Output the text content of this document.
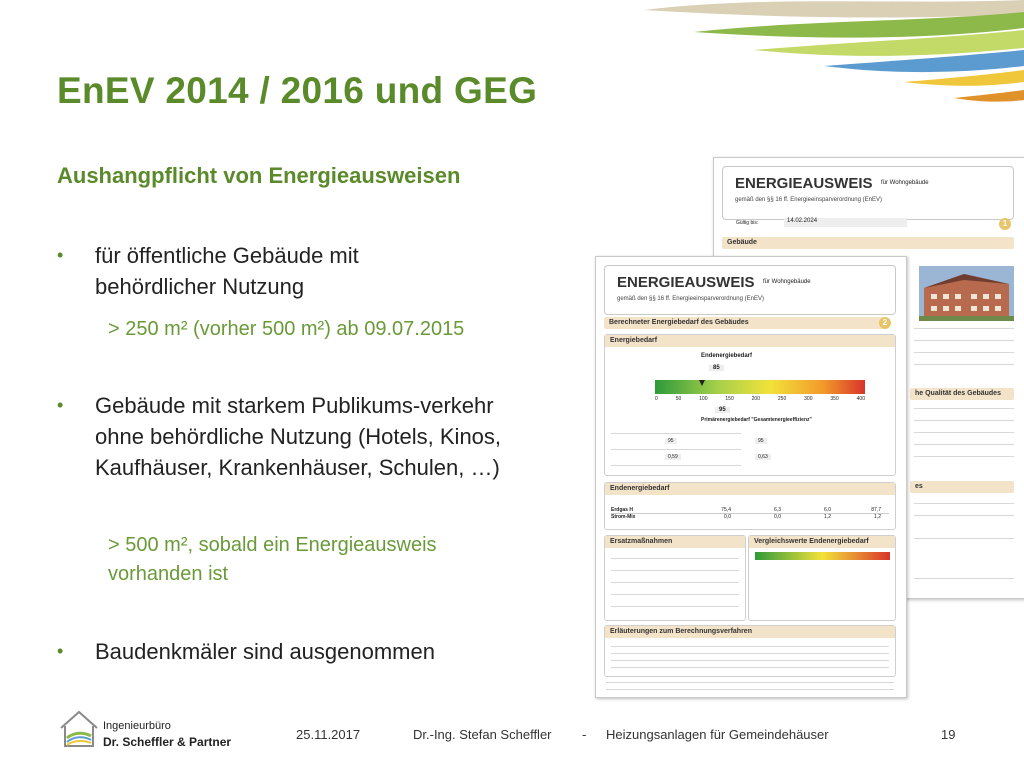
EnEV 2014 / 2016 und GEG
Aushangpflicht von Energieausweisen
• für öffentliche Gebäude mit behördlicher Nutzung
> 250 m² (vorher 500 m²) ab 09.07.2015
• Gebäude mit starkem Publikums-verkehr ohne behördliche Nutzung (Hotels, Kinos, Kaufhäuser, Krankenhäuser, Schulen, …)
> 500 m², sobald ein Energieausweis vorhanden ist
• Baudenkmäler sind ausgenommen
ENERGIEAUSWEIS für Wohngebäude
gemäß den §§ 16 ff. Energieeinsparverordnung (EnEV)
Gültig bis:	14.02.2024	1
Gebäude
he Qualität des Gebäudes
es
ENERGIEAUSWEIS für Wohngebäude
gemäß den §§ 16 ff. Energieeinsparverordnung (EnEV)
Berechneter Energiebedarf des Gebäudes	2
Energiebedarf
Endenergiebedarf
85
0	50	100	150	200	250	300	350	400
95
Primärenergiebedarf "Gesamtenergieeffizienz"
95	95
0,59	0,63
Endenergiebedarf
Erdgas H	75,4	6,3	6,0	87,7
Strom-Mix	0,0	0,0	1,2	1,2
Ersatzmaßnahmen	Vergleichswerte Endenergiebedarf
Erläuterungen zum Berechnungsverfahren
Ingenieurbüro
Dr. Scheffler & Partner	25.11.2017	Dr.-Ing. Stefan Scheffler - Heizungsanlagen für Gemeindehäuser	19
